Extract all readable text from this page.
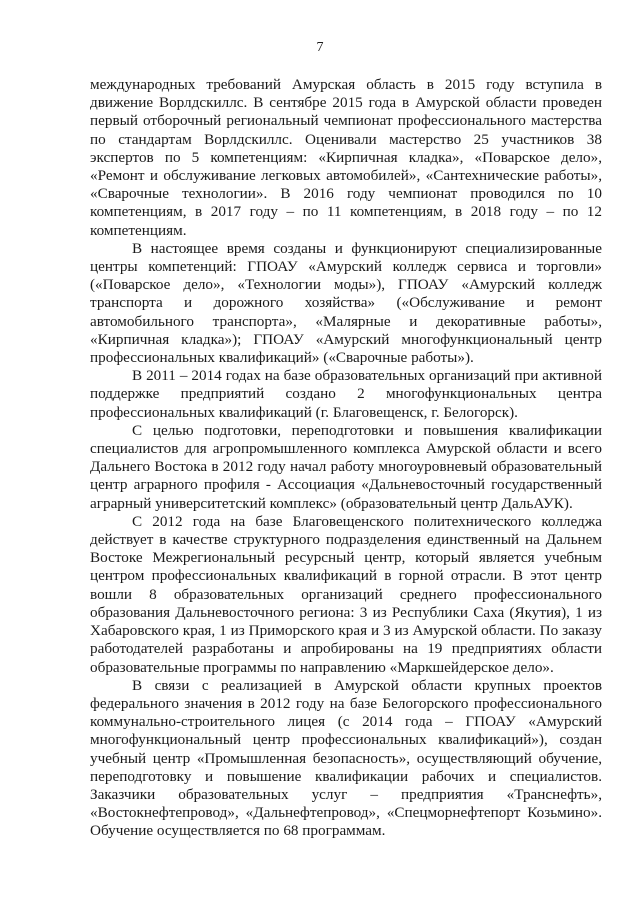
7

международных требований Амурская область в 2015 году вступила в движение Ворлдскиллс. В сентябре 2015 года в Амурской области проведен первый отборочный региональный чемпионат профессионального мастерства по стандартам Ворлдскиллс. Оценивали мастерство 25 участников 38 экспертов по 5 компетенциям: «Кирпичная кладка», «Поварское дело», «Ремонт и обслуживание легковых автомобилей», «Сантехнические работы», «Сварочные технологии». В 2016 году чемпионат проводился по 10 компетенциям, в 2017 году – по 11 компетенциям, в 2018 году – по 12 компетенциям.

В настоящее время созданы и функционируют специализированные центры компетенций: ГПОАУ «Амурский колледж сервиса и торговли» («Поварское дело», «Технологии моды»), ГПОАУ «Амурский колледж транспорта и дорожного хозяйства» («Обслуживание и ремонт автомобильного транспорта», «Малярные и декоративные работы», «Кирпичная кладка»); ГПОАУ «Амурский многофункциональный центр профессиональных квалификаций» («Сварочные работы»).

В 2011 – 2014 годах на базе образовательных организаций при активной поддержке предприятий создано 2 многофункциональных центра профессиональных квалификаций (г. Благовещенск, г. Белогорск).

С целью подготовки, переподготовки и повышения квалификации специалистов для агропромышленного комплекса Амурской области и всего Дальнего Востока в 2012 году начал работу многоуровневый образовательный центр аграрного профиля - Ассоциация «Дальневосточный государственный аграрный университетский комплекс» (образовательный центр ДальАУК).

С 2012 года на базе Благовещенского политехнического колледжа действует в качестве структурного подразделения единственный на Дальнем Востоке Межрегиональный ресурсный центр, который является учебным центром профессиональных квалификаций в горной отрасли. В этот центр вошли 8 образовательных организаций среднего профессионального образования Дальневосточного региона: 3 из Республики Саха (Якутия), 1 из Хабаровского края, 1 из Приморского края и 3 из Амурской области. По заказу работодателей разработаны и апробированы на 19 предприятиях области образовательные программы по направлению «Маркшейдерское дело».

В связи с реализацией в Амурской области крупных проектов федерального значения в 2012 году на базе Белогорского профессионального коммунально-строительного лицея (с 2014 года – ГПОАУ «Амурский многофункциональный центр профессиональных квалификаций»), создан учебный центр «Промышленная безопасность», осуществляющий обучение, переподготовку и повышение квалификации рабочих и специалистов. Заказчики образовательных услуг – предприятия «Транснефть», «Востокнефтепровод», «Дальнефтепровод», «Спецморнефтепорт Козьмино». Обучение осуществляется по 68 программам.
